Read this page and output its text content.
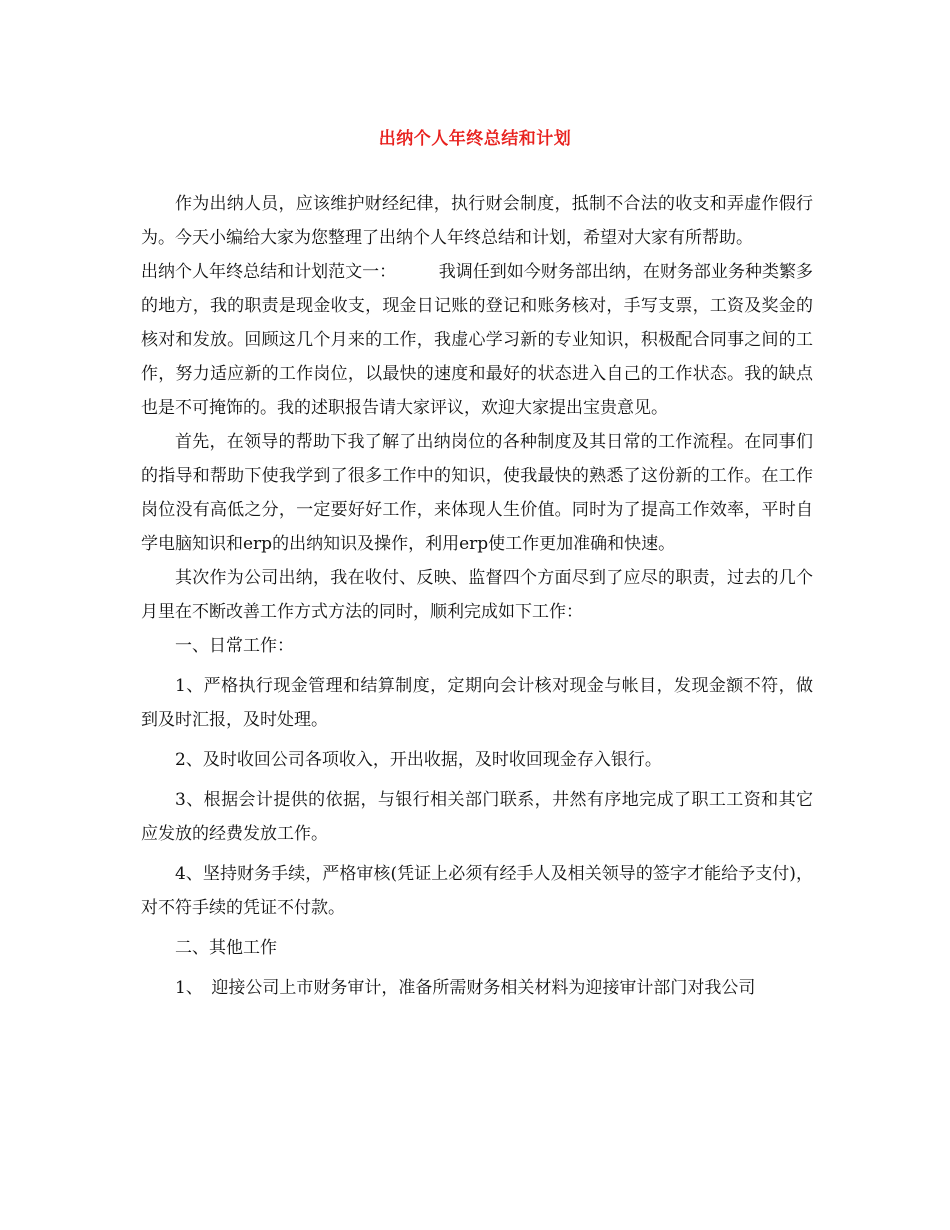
出纳个人年终总结和计划

作为出纳人员，应该维护财经纪律，执行财会制度，抵制不合法的收支和弄虚作假行为。今天小编给大家为您整理了出纳个人年终总结和计划，希望对大家有所帮助。

出纳个人年终总结和计划范文一：　　　我调任到如今财务部出纳，在财务部业务种类繁多的地方，我的职责是现金收支，现金日记账的登记和账务核对，手写支票，工资及奖金的核对和发放。回顾这几个月来的工作，我虚心学习新的专业知识，积极配合同事之间的工作，努力适应新的工作岗位，以最快的速度和最好的状态进入自己的工作状态。我的缺点也是不可掩饰的。我的述职报告请大家评议，欢迎大家提出宝贵意见。

首先，在领导的帮助下我了解了出纳岗位的各种制度及其日常的工作流程。在同事们的指导和帮助下使我学到了很多工作中的知识，使我最快的熟悉了这份新的工作。在工作岗位没有高低之分，一定要好好工作，来体现人生价值。同时为了提高工作效率，平时自学电脑知识和erp的出纳知识及操作，利用erp使工作更加准确和快速。

其次作为公司出纳，我在收付、反映、监督四个方面尽到了应尽的职责，过去的几个月里在不断改善工作方式方法的同时，顺利完成如下工作：

一、日常工作：

1、严格执行现金管理和结算制度，定期向会计核对现金与帐目，发现金额不符，做到及时汇报，及时处理。

2、及时收回公司各项收入，开出收据，及时收回现金存入银行。

3、根据会计提供的依据，与银行相关部门联系，井然有序地完成了职工工资和其它应发放的经费发放工作。

4、坚持财务手续，严格审核(凭证上必须有经手人及相关领导的签字才能给予支付)，对不符手续的凭证不付款。

二、其他工作

1、　迎接公司上市财务审计，准备所需财务相关材料为迎接审计部门对我公司
